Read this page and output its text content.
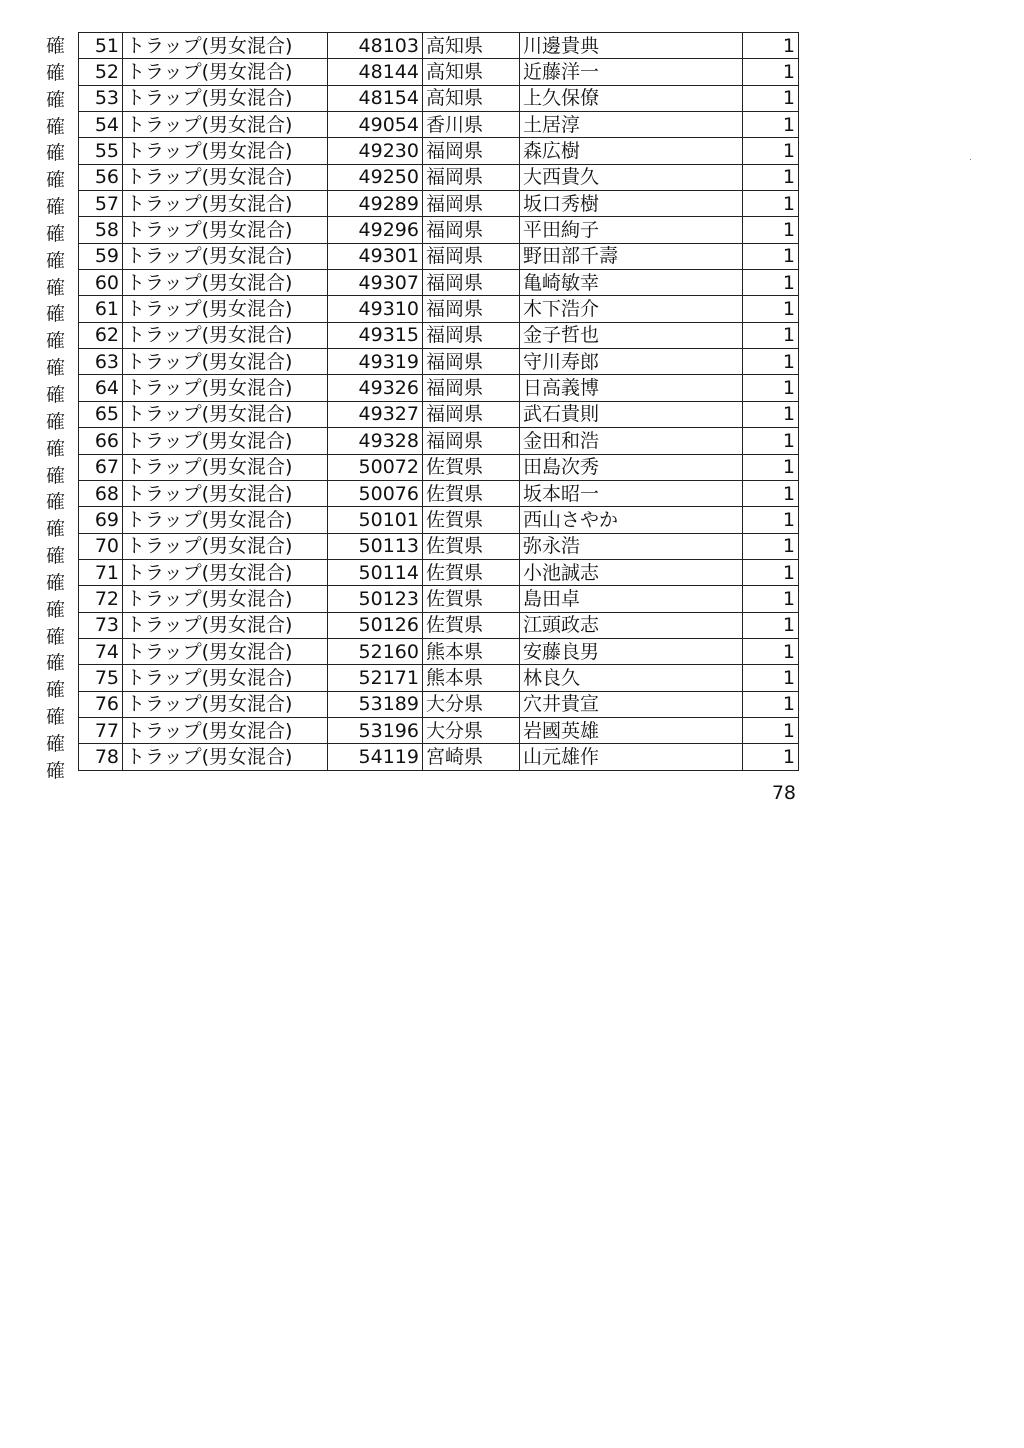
確
確
確
確
確
確
確
確
確
確
確
確
確
確
確
確
確
確
確
確
確
確
確
確
確
確
確
確
51	トラップ(男女混合)	48103	高知県	川邊貴典	1
52	トラップ(男女混合)	48144	高知県	近藤洋一	1
53	トラップ(男女混合)	48154	高知県	上久保僚	1
54	トラップ(男女混合)	49054	香川県	土居淳	1
55	トラップ(男女混合)	49230	福岡県	森広樹	1
56	トラップ(男女混合)	49250	福岡県	大西貴久	1
57	トラップ(男女混合)	49289	福岡県	坂口秀樹	1
58	トラップ(男女混合)	49296	福岡県	平田絢子	1
59	トラップ(男女混合)	49301	福岡県	野田部千壽	1
60	トラップ(男女混合)	49307	福岡県	亀崎敏幸	1
61	トラップ(男女混合)	49310	福岡県	木下浩介	1
62	トラップ(男女混合)	49315	福岡県	金子哲也	1
63	トラップ(男女混合)	49319	福岡県	守川寿郎	1
64	トラップ(男女混合)	49326	福岡県	日高義博	1
65	トラップ(男女混合)	49327	福岡県	武石貴則	1
66	トラップ(男女混合)	49328	福岡県	金田和浩	1
67	トラップ(男女混合)	50072	佐賀県	田島次秀	1
68	トラップ(男女混合)	50076	佐賀県	坂本昭一	1
69	トラップ(男女混合)	50101	佐賀県	西山さやか	1
70	トラップ(男女混合)	50113	佐賀県	弥永浩	1
71	トラップ(男女混合)	50114	佐賀県	小池誠志	1
72	トラップ(男女混合)	50123	佐賀県	島田卓	1
73	トラップ(男女混合)	50126	佐賀県	江頭政志	1
74	トラップ(男女混合)	52160	熊本県	安藤良男	1
75	トラップ(男女混合)	52171	熊本県	林良久	1
76	トラップ(男女混合)	53189	大分県	穴井貴宣	1
77	トラップ(男女混合)	53196	大分県	岩國英雄	1
78	トラップ(男女混合)	54119	宮崎県	山元雄作	1
78
